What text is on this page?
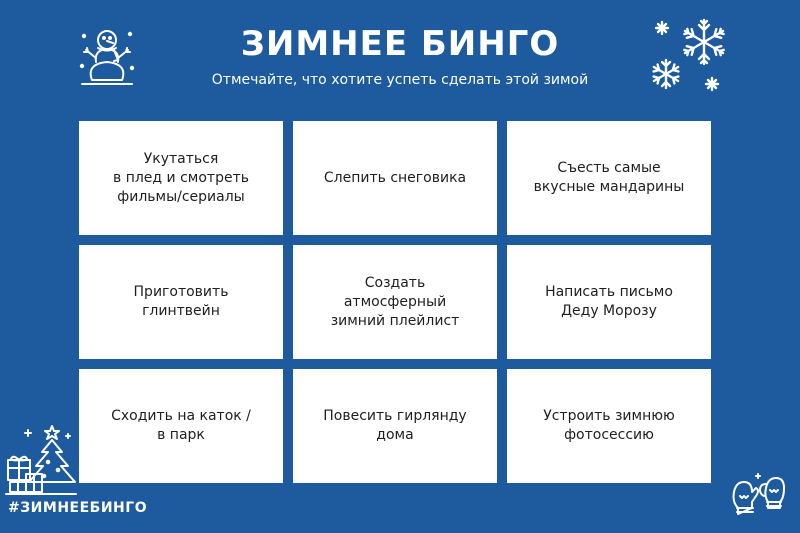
ЗИМНЕЕ БИНГО
Отмечайте, что хотите успеть сделать этой зимой
Укутаться
в плед и смотреть
фильмы/сериалы
Слепить снеговика
Съесть самые
вкусные мандарины
Приготовить
глинтвейн
Создать
атмосферный
зимний плейлист
Написать письмо
Деду Морозу
Сходить на каток /
в парк
Повесить гирлянду
дома
Устроить зимнюю
фотосессию
#ЗИМНЕЕБИНГО
